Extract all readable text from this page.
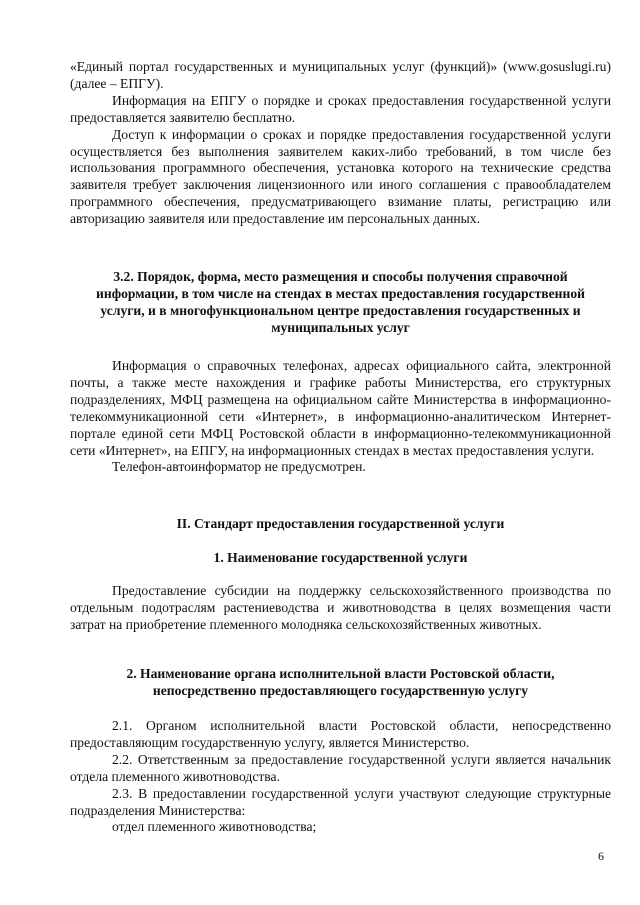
«Единый портал государственных и муниципальных услуг (функций)» (www.gosuslugi.ru) (далее – ЕПГУ).

Информация на ЕПГУ о порядке и сроках предоставления государственной услуги предоставляется заявителю бесплатно.

Доступ к информации о сроках и порядке предоставления государственной услуги осуществляется без выполнения заявителем каких-либо требований, в том числе без использования программного обеспечения, установка которого на технические средства заявителя требует заключения лицензионного или иного соглашения с правообладателем программного обеспечения, предусматривающего взимание платы, регистрацию или авторизацию заявителя или предоставление им персональных данных.

3.2. Порядок, форма, место размещения и способы получения справочной информации, в том числе на стендах в местах предоставления государственной услуги, и в многофункциональном центре предоставления государственных и муниципальных услуг

Информация о справочных телефонах, адресах официального сайта, электронной почты, а также месте нахождения и графике работы Министерства, его структурных подразделениях, МФЦ размещена на официальном сайте Министерства в информационно-телекоммуникационной сети «Интернет», в информационно-аналитическом Интернет-портале единой сети МФЦ Ростовской области в информационно-телекоммуникационной сети «Интернет», на ЕПГУ, на информационных стендах в местах предоставления услуги.

Телефон-автоинформатор не предусмотрен.

II. Стандарт предоставления государственной услуги

1. Наименование государственной услуги

Предоставление субсидии на поддержку сельскохозяйственного производства по отдельным подотраслям растениеводства и животноводства в целях возмещения части затрат на приобретение племенного молодняка сельскохозяйственных животных.

2. Наименование органа исполнительной власти Ростовской области, непосредственно предоставляющего государственную услугу

2.1. Органом исполнительной власти Ростовской области, непосредственно предоставляющим государственную услугу, является Министерство.

2.2. Ответственным за предоставление государственной услуги является начальник отдела племенного животноводства.

2.3. В предоставлении государственной услуги участвуют следующие структурные подразделения Министерства:

отдел племенного животноводства;

6
